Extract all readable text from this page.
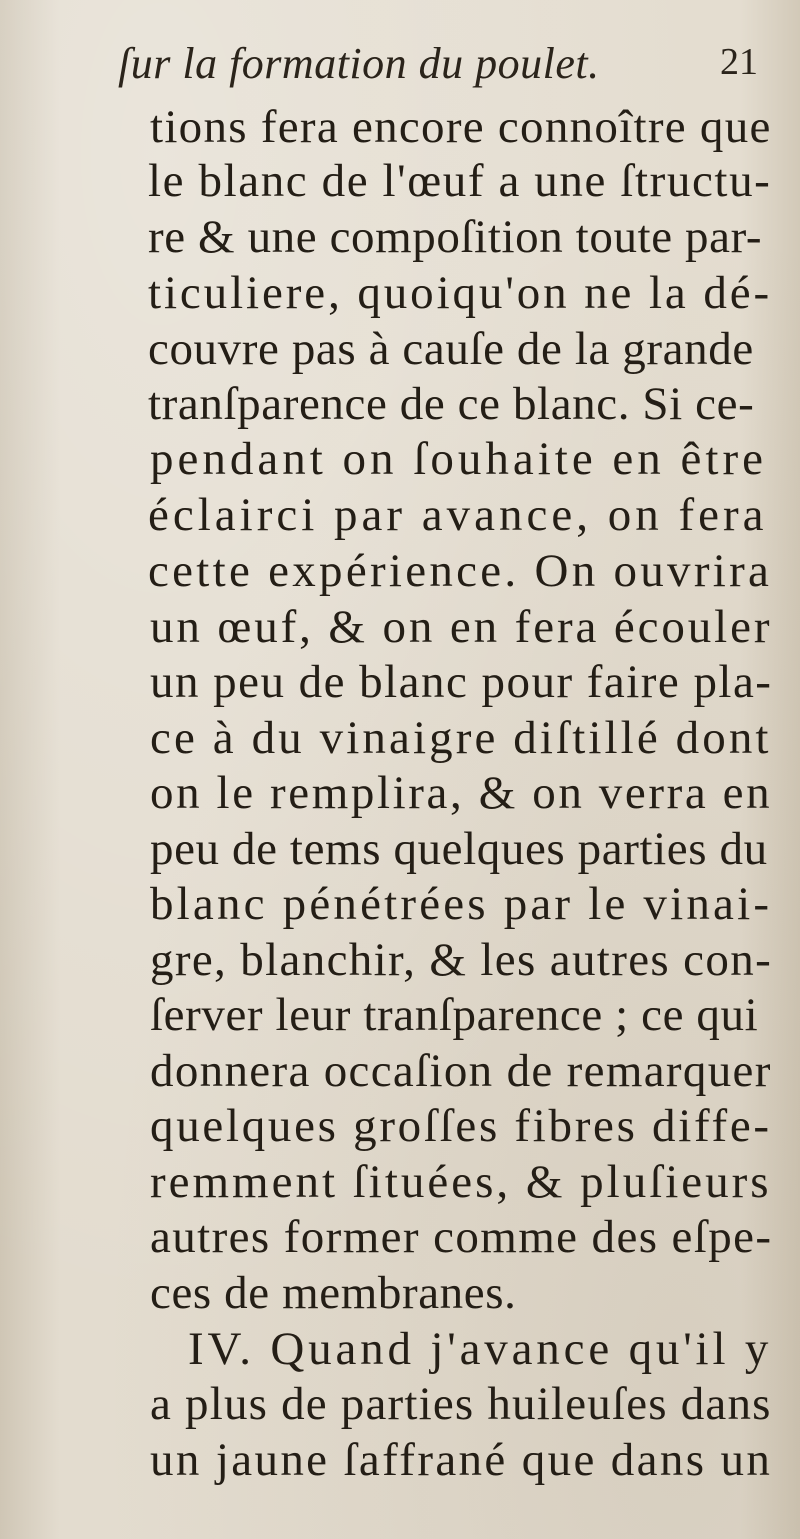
ſur la formation du poulet.	21
tions fera encore connoître que
le blanc de l'œuf a une ſtructu-
re & une compoſition toute par-
ticuliere, quoiqu'on ne la dé-
couvre pas à cauſe de la grande
tranſparence de ce blanc. Si ce-
pendant on ſouhaite en être
éclairci par avance, on fera
cette expérience. On ouvrira
un œuf, & on en fera écouler
un peu de blanc pour faire pla-
ce à du vinaigre diſtillé dont
on le remplira, & on verra en
peu de tems quelques parties du
blanc pénétrées par le vinai-
gre, blanchir, & les autres con-
ſerver leur tranſparence ; ce qui
donnera occaſion de remarquer
quelques groſſes fibres diffe-
remment ſituées, & pluſieurs
autres former comme des eſpe-
ces de membranes.
IV. Quand j'avance qu'il y
a plus de parties huileuſes dans
un jaune ſaffrané que dans un
